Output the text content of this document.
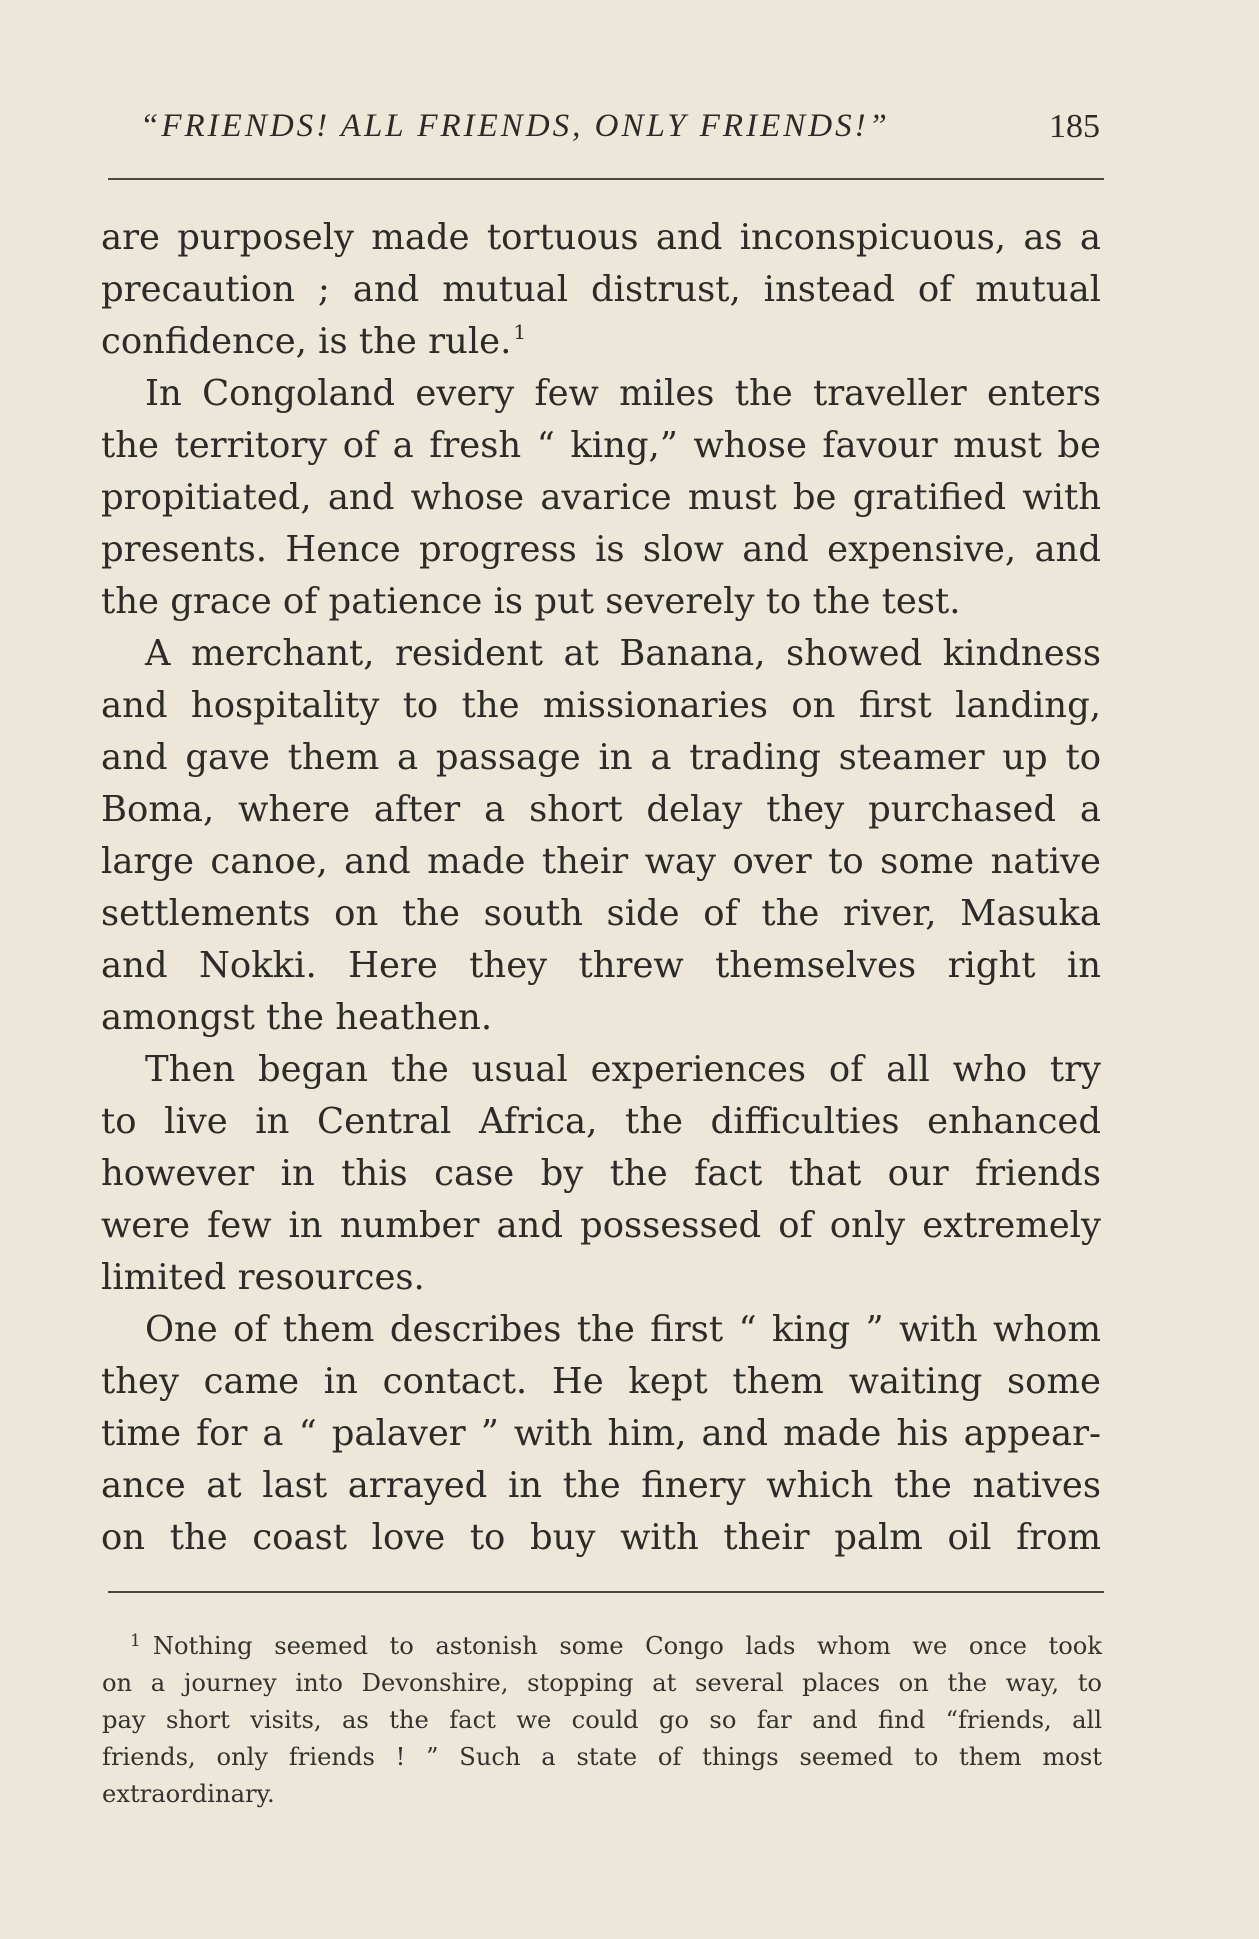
“FRIENDS! ALL FRIENDS, ONLY FRIENDS!”	185
are purposely made tortuous and inconspicuous, as a
precaution ; and mutual distrust, instead of mutual
confidence, is the rule. $^1$
In Congoland every few miles the traveller enters
the territory of a fresh “ king,” whose favour must be
propitiated, and whose avarice must be gratified with
presents. Hence progress is slow and expensive, and
the grace of patience is put severely to the test.
A merchant, resident at Banana, showed kindness
and hospitality to the missionaries on first landing,
and gave them a passage in a trading steamer up to
Boma, where after a short delay they purchased a
large canoe, and made their way over to some native
settlements on the south side of the river, Masuka
and Nokki. Here they threw themselves right in
amongst the heathen.
Then began the usual experiences of all who try
to live in Central Africa, the difficulties enhanced
however in this case by the fact that our friends
were few in number and possessed of only extremely
limited resources.
One of them describes the first “ king ” with whom
they came in contact. He kept them waiting some
time for a “ palaver ” with him, and made his appear-
ance at last arrayed in the finery which the natives
on the coast love to buy with their palm oil from
$^1$ Nothing seemed to astonish some Congo lads whom we once took
on a journey into Devonshire, stopping at several places on the way, to
pay short visits, as the fact we could go so far and find “friends, all
friends, only friends ! ” Such a state of things seemed to them most
extraordinary.
